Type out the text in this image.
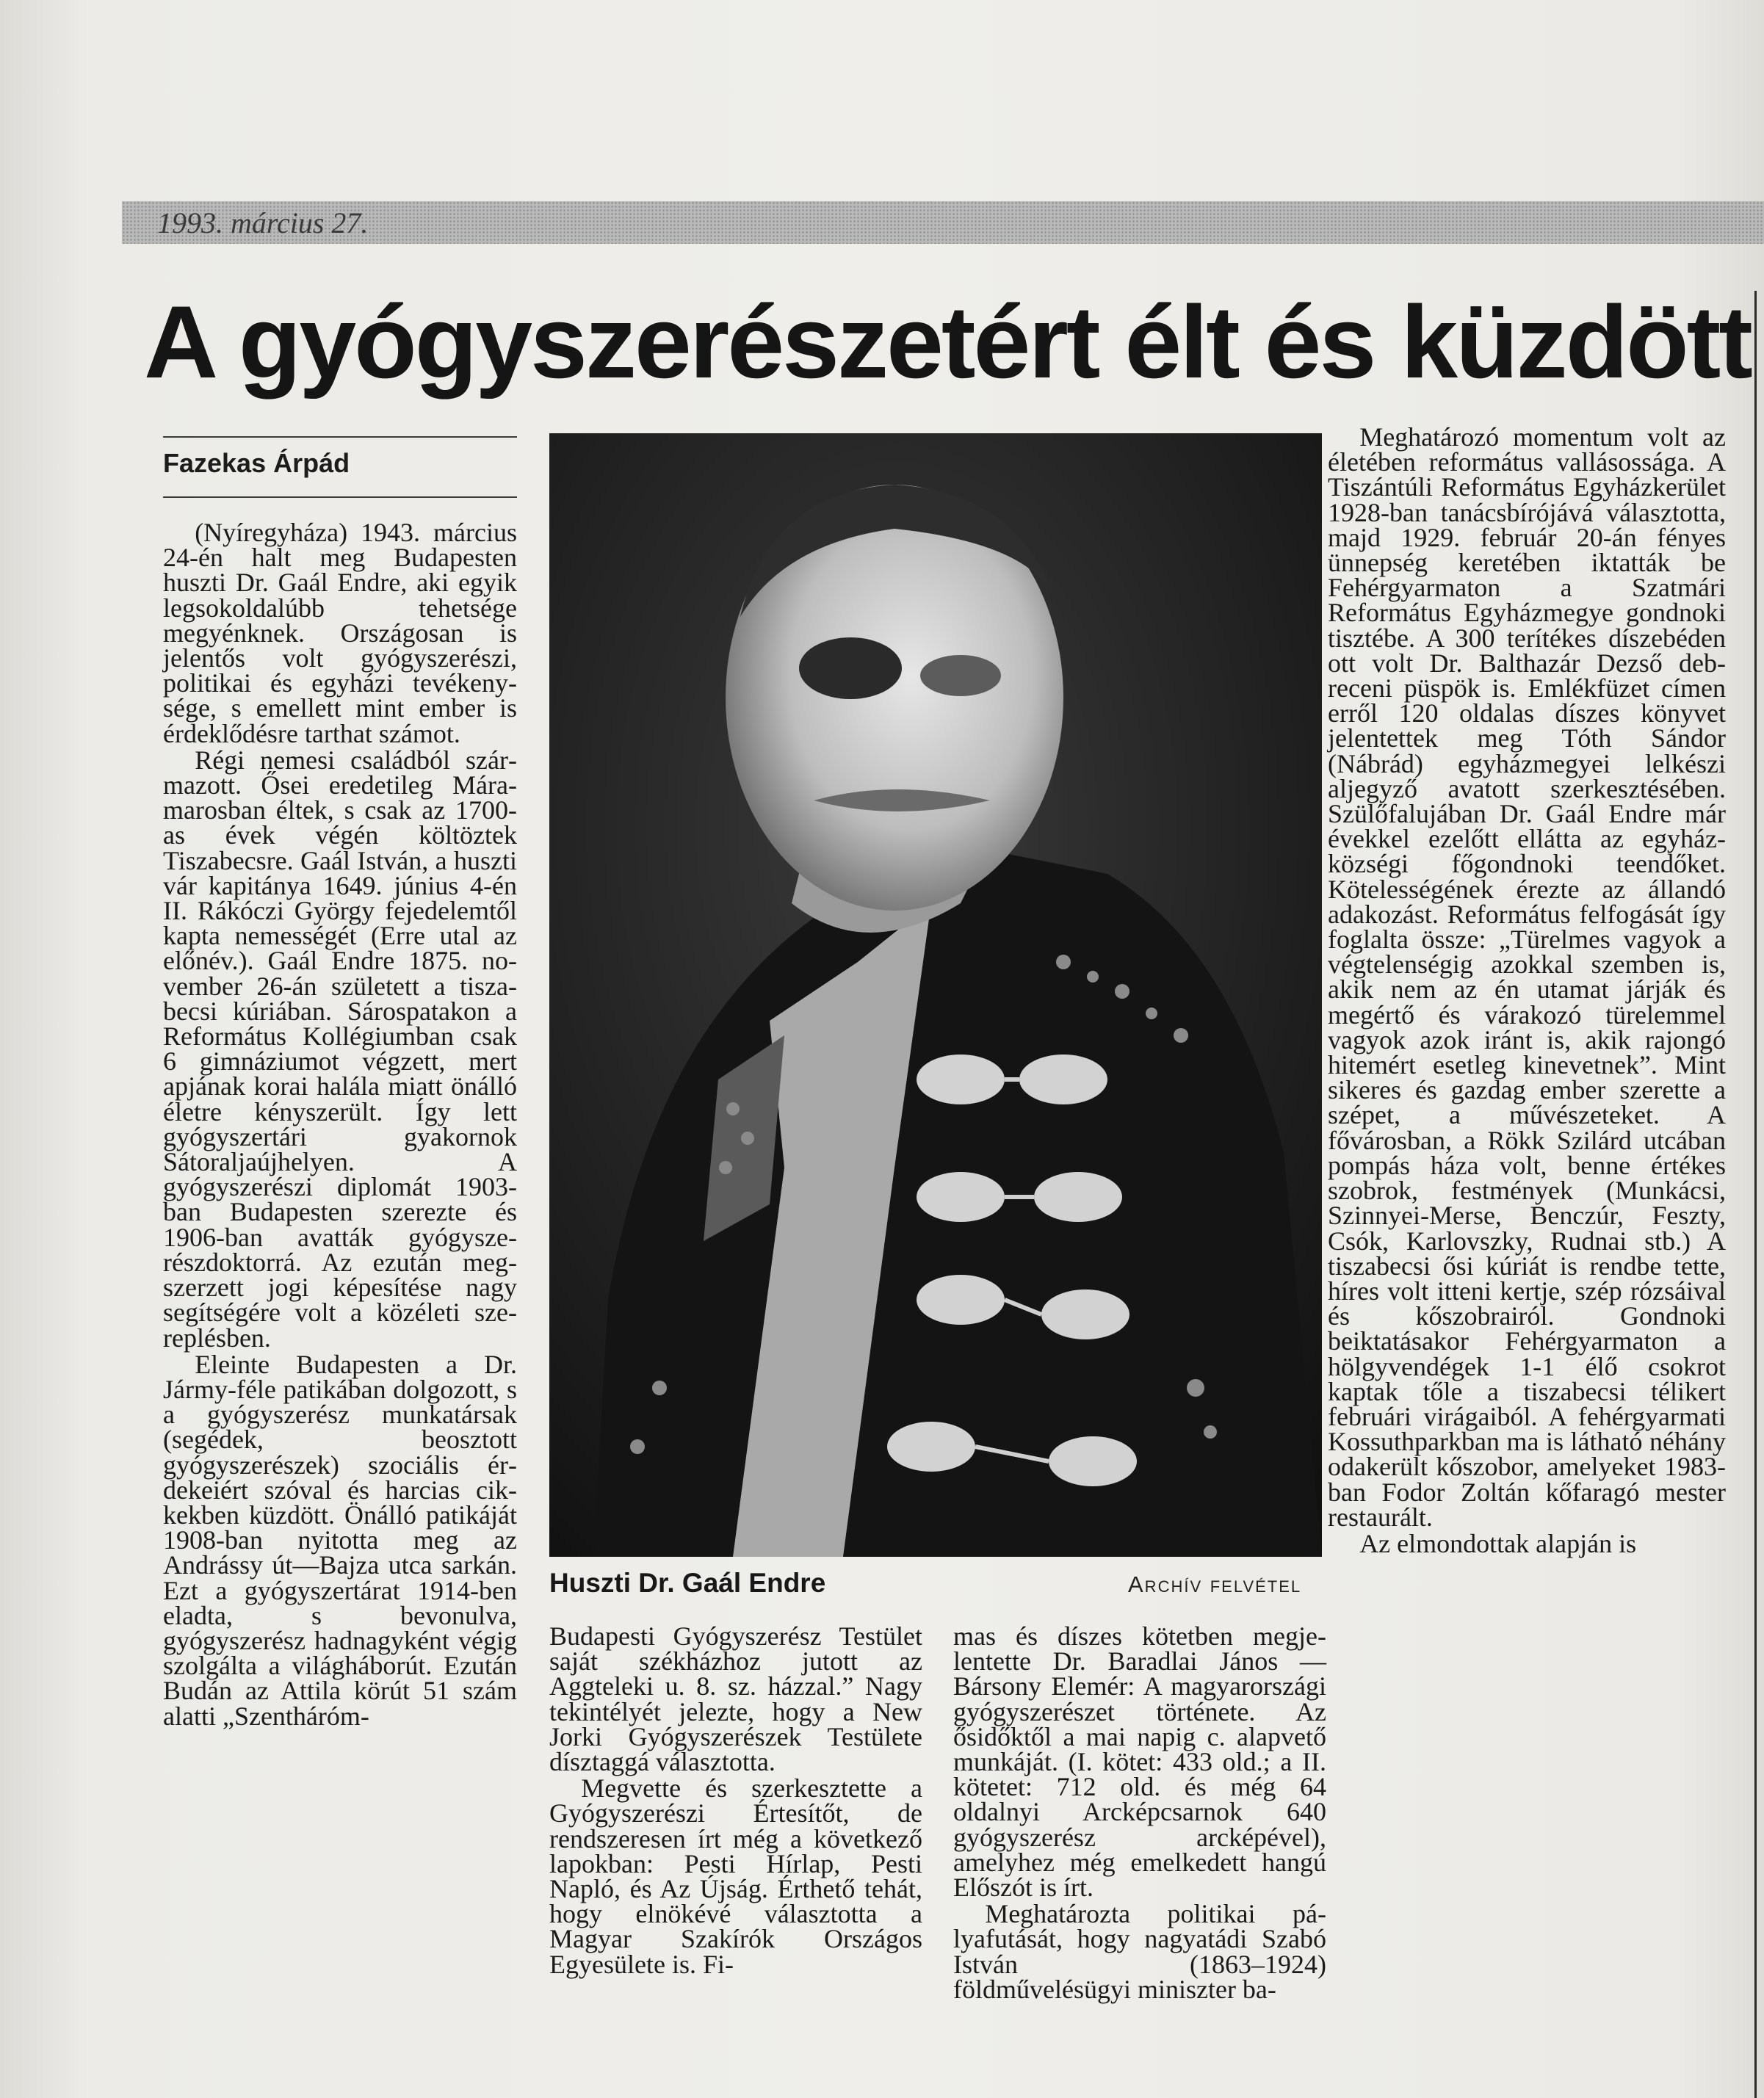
1993. március 27.
A gyógyszerészetért élt és küzdött
Fazekas Árpád

(Nyíregyháza) 1943. március 24-én halt meg Budapesten huszti Dr. Gaál Endre, aki egyik legsokoldalúbb tehetsége megyénknek. Országosan is jelentős volt gyógyszerészi, politikai és egyházi tevékenysége, s emellett mint ember is érdeklődésre tarthat számot.

Régi nemesi családból származott. Ősei eredetileg Máramarosban éltek, s csak az 1700-as évek végén költöztek Tiszabecsre. Gaál István, a huszti vár kapitánya 1649. június 4-én II. Rákóczi György fejedelemtől kapta nemességét (Erre utal az előnév.). Gaál Endre 1875. november 26-án született a tiszabecsi kúriában. Sárospatakon a Református Kollégiumban csak 6 gimnáziumot végzett, mert apjának korai halála miatt önálló életre kényszerült. Így lett gyógyszertári gyakornok Sátoraljaújhelyen. A gyógyszerészi diplomát 1903-ban Budapesten szerezte és 1906-ban avatták gyógyszerészdoktorrá. Az ezután megszerzett jogi képesítése nagy segítségére volt a közéleti szereplésben.

Eleinte Budapesten a Dr. Jármy-féle patikában dolgozott, s a gyógyszerész munkatársak (segédek, beosztott gyógyszerészek) szociális érdekeiért szóval és harcias cikkekben küzdött. Önálló patikáját 1908-ban nyitotta meg az Andrássy út—Bajza utca sarkán. Ezt a gyógyszertárat 1914-ben eladta, s bevonulva, gyógyszerész hadnagyként végig szolgálta a világháborút. Ezután Budán az Attila körút 51 szám alatti „Szentháróm-

Huszti Dr. Gaál Endre	Archív felvétel

Budapesti Gyógyszerész Testület saját székházhoz jutott az Aggteleki u. 8. sz. házzal.” Nagy tekintélyét jelezte, hogy a New Jorki Gyógyszerészek Testülete dísztaggá választotta.

Megvette és szerkesztette a Gyógyszerészi Értesítőt, de rendszeresen írt még a következő lapokban: Pesti Hírlap, Pesti Napló, és Az Újság. Érthető tehát, hogy elnökévé választotta a Magyar Szakírók Országos Egyesülete is. Fi-

mas és díszes kötetben megjelentette Dr. Baradlai János — Bársony Elemér: A magyarországi gyógyszerészet története. Az ősidőktől a mai napig c. alapvető munkáját. (I. kötet: 433 old.; a II. kötetet: 712 old. és még 64 oldalnyi Arcképcsarnok 640 gyógyszerész arcképével), amelyhez még emelkedett hangú Előszót is írt.

Meghatározta politikai pályafutását, hogy nagyatádi Szabó István (1863–1924) földművelésügyi miniszter ba-

Meghatározó momentum volt az életében református vallásossága. A Tiszántúli Református Egyházkerület 1928-ban tanácsbírójává választotta, majd 1929. február 20-án fényes ünnepség keretében iktatták be Fehérgyarmaton a Szatmári Református Egyházmegye gondnoki tisztébe. A 300 terítékes díszebéden ott volt Dr. Balthazár Dezső debreceni püspök is. Emlékfüzet címen erről 120 oldalas díszes könyvet jelentettek meg Tóth Sándor (Nábrád) egyházmegyei lelkészi aljegyző avatott szerkesztésében. Szülőfalujában Dr. Gaál Endre már évekkel ezelőtt ellátta az egyházközségi főgondnoki teendőket. Kötelességének érezte az állandó adakozást. Református felfogását így foglalta össze: „Türelmes vagyok a végtelenségig azokkal szemben is, akik nem az én utamat járják és megértő és várakozó türelemmel vagyok azok iránt is, akik rajongó hitemért esetleg kinevetnek”. Mint sikeres és gazdag ember szerette a szépet, a művészeteket. A fővárosban, a Rökk Szilárd utcában pompás háza volt, benne értékes szobrok, festmények (Munkácsi, Szinnyei-Merse, Benczúr, Feszty, Csók, Karlovszky, Rudnai stb.) A tiszabecsi ősi kúriát is rendbe tette, híres volt itteni kertje, szép rózsáival és kőszobrairól. Gondnoki beiktatásakor Fehérgyarmaton a hölgyvendégek 1-1 élő csokrot kaptak tőle a tiszabecsi télikert februári virágaiból. A fehérgyarmati Kossuthparkban ma is látható néhány odakerült kőszobor, amelyeket 1983-ban Fodor Zoltán kőfaragó mester restaurált.

Az elmondottak alapján is
